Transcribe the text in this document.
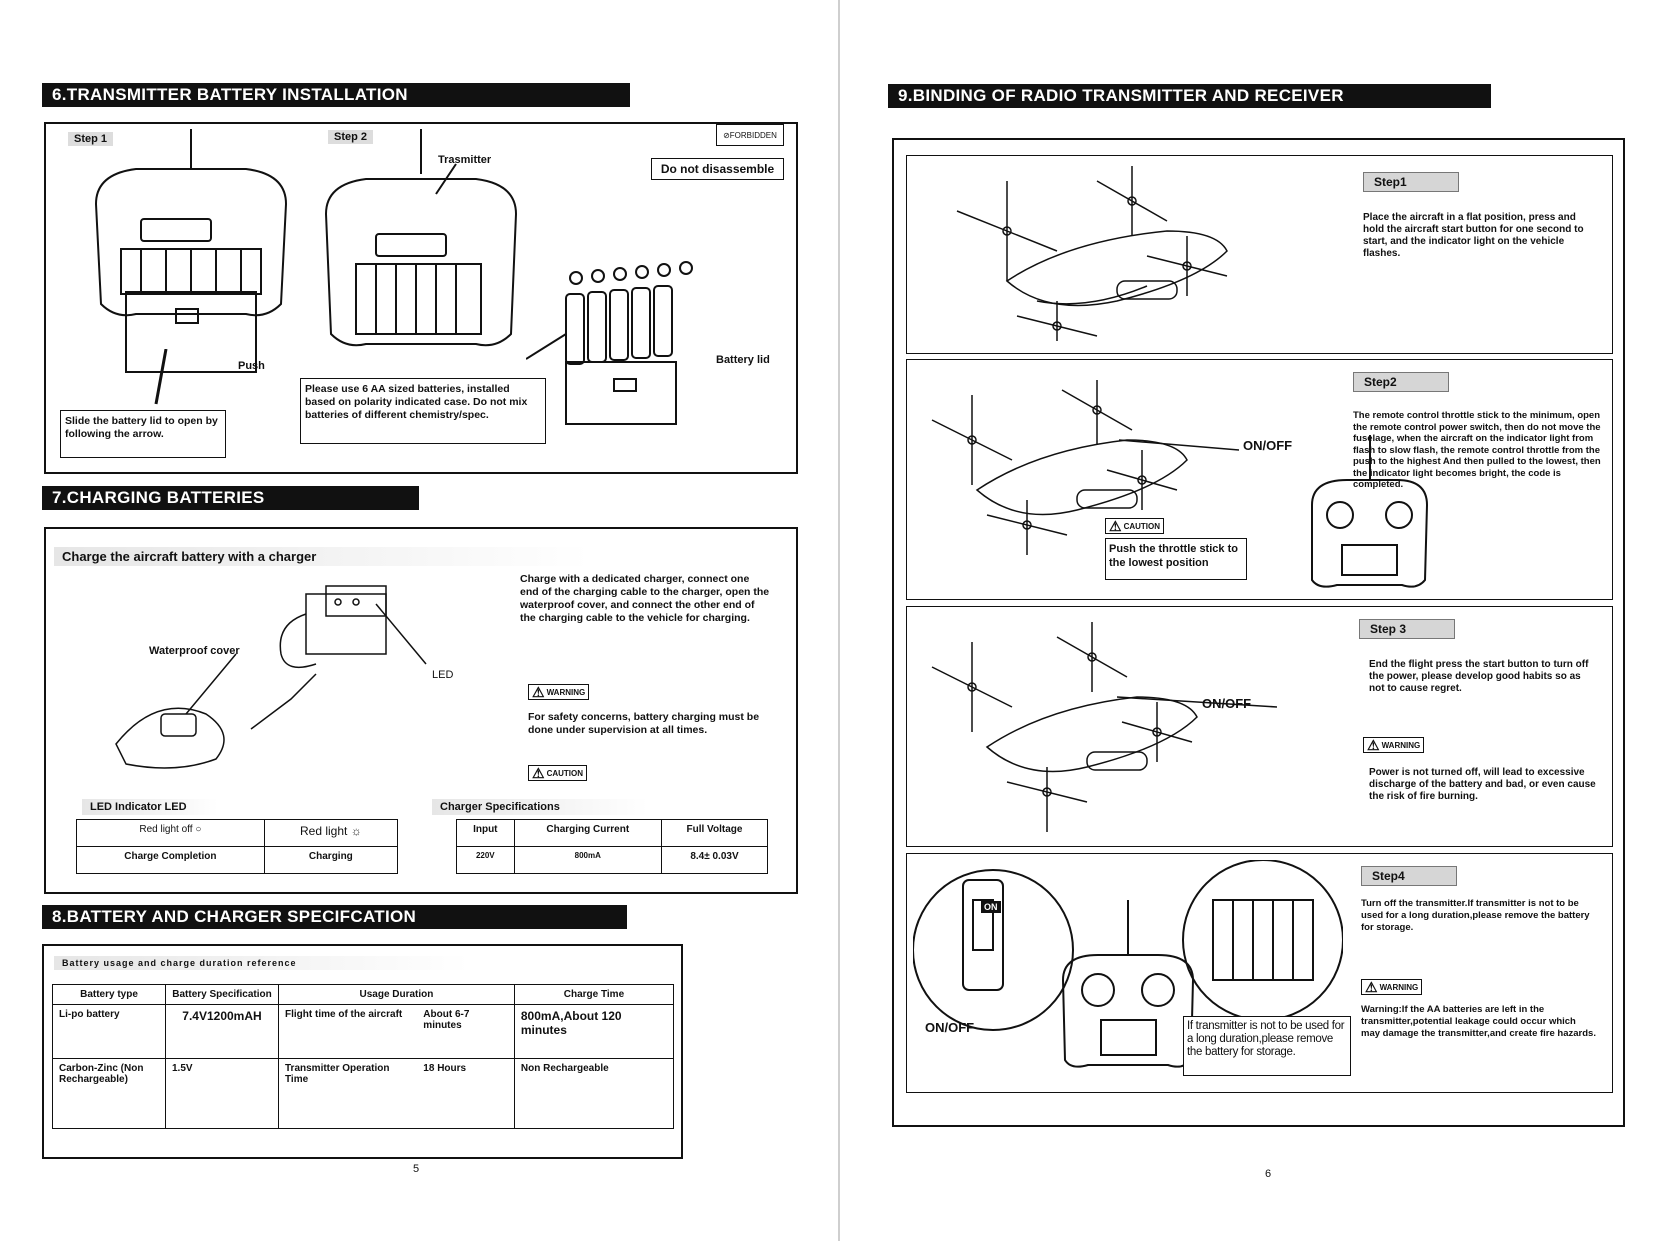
6.TRANSMITTER BATTERY INSTALLATION
Step 1	Step 2
Trasmitter
⊘ FORBIDDEN
Do not disassemble
Push	Battery lid
Slide the battery lid to open by following the arrow.
Please use 6 AA sized batteries, installed based on polarity indicated case. Do not mix batteries of different chemistry/spec.
7.CHARGING BATTERIES
Charge the aircraft battery with a charger
Charge with a dedicated charger, connect one end of the charging cable to the charger, open the waterproof cover, and connect the other end of the charging cable to the vehicle for charging.
Waterproof cover
LED
⚠ WARNING
For safety concerns, battery charging must be done under supervision at all times.
⚠ CAUTION
LED Indicator LED
Red light off ○	Red light ☼
Charge Completion	Charging
Charger Specifications
Input	Charging Current	Full Voltage
220V	800mA	8.4± 0.03V
8.BATTERY AND CHARGER SPECIFCATION
Battery usage and charge duration reference
Battery type	Battery Specification	Usage Duration		Charge Time
Li-po battery	7.4V1200mAH	Flight time of the aircraft	About 6-7 minutes	800mA,About 120 minutes
Carbon-Zinc (Non Rechargeable)	1.5V	Transmitter Operation Time	18 Hours	Non Rechargeable
5
9.BINDING OF RADIO TRANSMITTER AND RECEIVER
Step1
Place the aircraft in a flat position, press and hold the aircraft start button for one second to start, and the indicator light on the vehicle flashes.
ON/OFF
⚠ CAUTION
Push the throttle stick to the lowest position
Step2
The remote control throttle stick to the minimum, open the remote control power switch, then do not move the fuselage, when the aircraft on the indicator light from flash to slow flash, the remote control throttle from the push to the highest And then pulled to the lowest, then the indicator light becomes bright, the code is completed.
ON/OFF
Step 3
End the flight press the start button to turn off the power, please develop good habits so as not to cause regret.
⚠ WARNING
Power is not turned off, will lead to excessive discharge of the battery and bad, or even cause the risk of fire burning.
ON
ON/OFF	If transmitter is not to be used for a long duration,please remove the battery for storage.
Step4
Turn off the transmitter.If transmitter is not to be used for a long duration,please remove the battery for storage.
⚠ WARNING
Warning:If the AA batteries are left in the transmitter,potential leakage could occur which may damage the transmitter,and create fire hazards.
6
